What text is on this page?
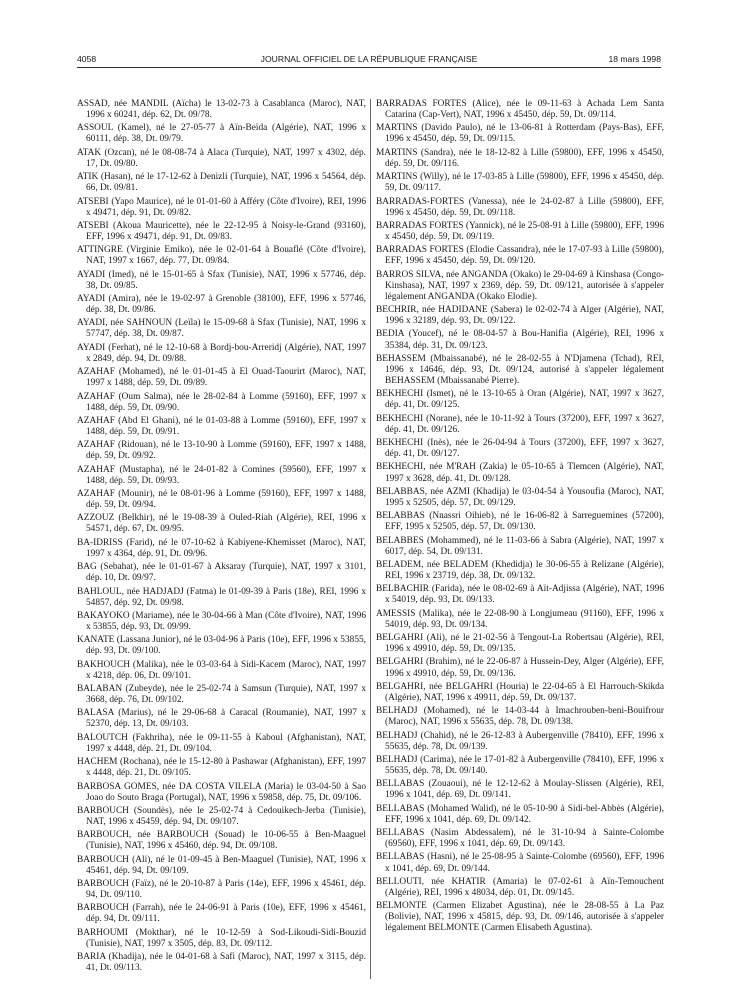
4058	JOURNAL OFFICIEL DE LA RÉPUBLIQUE FRANÇAISE	18 mars 1998

ASSAD, née MANDIL (Aïcha) le 13-02-73 à Casablanca (Maroc), NAT, 1996 x 60241, dép. 62, Dt. 09/78.

ASSOUL (Kamel), né le 27-05-77 à Aïn-Beïda (Algérie), NAT, 1996 x 60111, dép. 38, Dt. 09/79.

ATAK (Ozcan), né le 08-08-74 à Alaca (Turquie), NAT, 1997 x 4302, dép. 17, Dt. 09/80.

ATIK (Hasan), né le 17-12-62 à Denizli (Turquie), NAT, 1996 x 54564, dép. 66, Dt. 09/81.

ATSEBI (Yapo Maurice), né le 01-01-60 à Afféry (Côte d'Ivoire), REI, 1996 x 49471, dép. 91, Dt. 09/82.

ATSEBI (Akoua Mauricette), née le 22-12-95 à Noisy-le-Grand (93160), EFF, 1996 x 49471, dép. 91, Dt. 09/83.

ATTINGRE (Virginie Emiko), née le 02-01-64 à Bouaflé (Côte d'Ivoire), NAT, 1997 x 1667, dép. 77, Dt. 09/84.

AYADI (Imed), né le 15-01-65 à Sfax (Tunisie), NAT, 1996 x 57746, dép. 38, Dt. 09/85.

AYADI (Amira), née le 19-02-97 à Grenoble (38100), EFF, 1996 x 57746, dép. 38, Dt. 09/86.

AYADI, née SAHNOUN (Leïla) le 15-09-68 à Sfax (Tunisie), NAT, 1996 x 57747, dép. 38, Dt. 09/87.

AYADI (Ferhat), né le 12-10-68 à Bordj-bou-Arreridj (Algérie), NAT, 1997 x 2849, dép. 94, Dt. 09/88.

AZAHAF (Mohamed), né le 01-01-45 à El Ouad-Taourirt (Maroc), NAT, 1997 x 1488, dép. 59, Dt. 09/89.

AZAHAF (Oum Salma), née le 28-02-84 à Lomme (59160), EFF, 1997 x 1488, dép. 59, Dt. 09/90.

AZAHAF (Abd El Ghani), né le 01-03-88 à Lomme (59160), EFF, 1997 x 1488, dép. 59, Dt. 09/91.

AZAHAF (Ridouan), né le 13-10-90 à Lomme (59160), EFF, 1997 x 1488, dép. 59, Dt. 09/92.

AZAHAF (Mustapha), né le 24-01-82 à Comines (59560), EFF, 1997 x 1488, dép. 59, Dt. 09/93.

AZAHAF (Mounir), né le 08-01-96 à Lomme (59160), EFF, 1997 x 1488, dép. 59, Dt. 09/94.

AZZOUZ (Belkhir), né le 19-08-39 à Ouled-Riah (Algérie), REI, 1996 x 54571, dép. 67, Dt. 09/95.

BA-IDRISS (Farid), né le 07-10-62 à Kabiyene-Khemisset (Maroc), NAT, 1997 x 4364, dép. 91, Dt. 09/96.

BAG (Sebahat), née le 01-01-67 à Aksaray (Turquie), NAT, 1997 x 3101, dép. 10, Dt. 09/97.

BAHLOUL, née HADJADJ (Fatma) le 01-09-39 à Paris (18e), REI, 1996 x 54857, dép. 92, Dt. 09/98.

BAKAYOKO (Mariame), née le 30-04-66 à Man (Côte d'Ivoire), NAT, 1996 x 53855, dép. 93, Dt. 09/99.

KANATE (Lassana Junior), né le 03-04-96 à Paris (10e), EFF, 1996 x 53855, dép. 93, Dt. 09/100.

BAKHOUCH (Malika), née le 03-03-64 à Sidi-Kacem (Maroc), NAT, 1997 x 4218, dép. 06, Dt. 09/101.

BALABAN (Zubeyde), née le 25-02-74 à Samsun (Turquie), NAT, 1997 x 3668, dép. 76, Dt. 09/102.

BALASA (Marius), né le 29-06-68 à Caracal (Roumanie), NAT, 1997 x 52370, dép. 13, Dt. 09/103.

BALOUTCH (Fakhriha), née le 09-11-55 à Kaboul (Afghanistan), NAT, 1997 x 4448, dép. 21, Dt. 09/104.

HACHEM (Rochana), née le 15-12-80 à Pashawar (Afghanistan), EFF, 1997 x 4448, dép. 21, Dt. 09/105.

BARBOSA GOMES, née DA COSTA VILELA (Maria) le 03-04-50 à Sao Joao do Souto Braga (Portugal), NAT, 1996 x 59858, dép. 75, Dt. 09/106.

BARBOUCH (Soundès), née le 25-02-74 à Cedouikech-Jerba (Tunisie), NAT, 1996 x 45459, dép. 94, Dt. 09/107.

BARBOUCH, née BARBOUCH (Souad) le 10-06-55 à Ben-Maaguel (Tunisie), NAT, 1996 x 45460, dép. 94, Dt. 09/108.

BARBOUCH (Ali), né le 01-09-45 à Ben-Maaguel (Tunisie), NAT, 1996 x 45461, dép. 94, Dt. 09/109.

BARBOUCH (Faïz), né le 20-10-87 à Paris (14e), EFF, 1996 x 45461, dép. 94, Dt. 09/110.

BARBOUCH (Farrah), née le 24-06-91 à Paris (10e), EFF, 1996 x 45461, dép. 94, Dt. 09/111.

BARHOUMI (Mokthar), né le 10-12-59 à Sod-Likoudi-Sidi-Bouzid (Tunisie), NAT, 1997 x 3505, dép. 83, Dt. 09/112.

BARIA (Khadija), née le 04-01-68 à Safi (Maroc), NAT, 1997 x 3115, dép. 41, Dt. 09/113.

BARRADAS FORTES (Alice), née le 09-11-63 à Achada Lem Santa Catarina (Cap-Vert), NAT, 1996 x 45450, dép. 59, Dt. 09/114.

MARTINS (Davido Paulo), né le 13-06-81 à Rotterdam (Pays-Bas), EFF, 1996 x 45450, dép. 59, Dt. 09/115.

MARTINS (Sandra), née le 18-12-82 à Lille (59800), EFF, 1996 x 45450, dép. 59, Dt. 09/116.

MARTINS (Willy), né le 17-03-85 à Lille (59800), EFF, 1996 x 45450, dép. 59, Dt. 09/117.

BARRADAS-FORTES (Vanessa), née le 24-02-87 à Lille (59800), EFF, 1996 x 45450, dép. 59, Dt. 09/118.

BARRADAS FORTES (Yannick), né le 25-08-91 à Lille (59800), EFF, 1996 x 45450, dép. 59, Dt. 09/119.

BARRADAS FORTES (Elodie Cassandra), née le 17-07-93 à Lille (59800), EFF, 1996 x 45450, dép. 59, Dt. 09/120.

BARROS SILVA, née ANGANDA (Okako) le 29-04-69 à Kinshasa (Congo-Kinshasa), NAT, 1997 x 2369, dép. 59, Dt. 09/121, autorisée à s'appeler légalement ANGANDA (Okako Elodie).

BECHRIR, née HADIDANE (Sabera) le 02-02-74 à Alger (Algérie), NAT, 1996 x 32189, dép. 93, Dt. 09/122.

BEDIA (Youcef), né le 08-04-57 à Bou-Hanifia (Algérie), REI, 1996 x 35384, dép. 31, Dt. 09/123.

BEHASSEM (Mbaissanabé), né le 28-02-55 à N'Djamena (Tchad), REI, 1996 x 14646, dép. 93, Dt. 09/124, autorisé à s'appeler légalement BEHASSEM (Mbaissanabé Pierre).

BEKHECHI (Ismet), né le 13-10-65 à Oran (Algérie), NAT, 1997 x 3627, dép. 41, Dt. 09/125.

BEKHECHI (Norane), née le 10-11-92 à Tours (37200), EFF, 1997 x 3627, dép. 41, Dt. 09/126.

BEKHECHI (Inès), née le 26-04-94 à Tours (37200), EFF, 1997 x 3627, dép. 41, Dt. 09/127.

BEKHECHI, née M'RAH (Zakia) le 05-10-65 à Tlemcen (Algérie), NAT, 1997 x 3628, dép. 41, Dt. 09/128.

BELABBAS, née AZMI (Khadija) le 03-04-54 à Yousoufia (Maroc), NAT, 1995 x 52505, dép. 57, Dt. 09/129.

BELABBAS (Nnassri Oihieb), né le 16-06-82 à Sarreguemines (57200), EFF, 1995 x 52505, dép. 57, Dt. 09/130.

BELABBES (Mohammed), né le 11-03-66 à Sabra (Algérie), NAT, 1997 x 6017, dép. 54, Dt. 09/131.

BELADEM, née BELADEM (Khedidja) le 30-06-55 à Relizane (Algérie), REI, 1996 x 23719, dép. 38, Dt. 09/132.

BELBACHIR (Farida), née le 08-02-69 à Aït-Adjissa (Algérie), NAT, 1996 x 54019, dép. 93, Dt. 09/133.

AMESSIS (Malika), née le 22-08-90 à Longjumeau (91160), EFF, 1996 x 54019, dép. 93, Dt. 09/134.

BELGAHRI (Ali), né le 21-02-56 à Tengout-La Robertsau (Algérie), REI, 1996 x 49910, dép. 59, Dt. 09/135.

BELGAHRI (Brahim), né le 22-06-87 à Hussein-Dey, Alger (Algérie), EFF, 1996 x 49910, dép. 59, Dt. 09/136.

BELGAHRI, née BELGAHRI (Houria) le 22-04-65 à El Harrouch-Skikda (Algérie), NAT, 1996 x 49911, dép. 59, Dt. 09/137.

BELHADJ (Mohamed), né le 14-03-44 à Imachrouben-beni-Bouifrour (Maroc), NAT, 1996 x 55635, dép. 78, Dt. 09/138.

BELHADJ (Chahid), né le 26-12-83 à Aubergenville (78410), EFF, 1996 x 55635, dép. 78, Dt. 09/139.

BELHADJ (Carima), née le 17-01-82 à Aubergenville (78410), EFF, 1996 x 55635, dép. 78, Dt. 09/140.

BELLABAS (Zouaoui), né le 12-12-62 à Moulay-Slissen (Algérie), REI, 1996 x 1041, dép. 69, Dt. 09/141.

BELLABAS (Mohamed Walid), né le 05-10-90 à Sidi-bel-Abbès (Algérie), EFF, 1996 x 1041, dép. 69, Dt. 09/142.

BELLABAS (Nasim Abdessalem), né le 31-10-94 à Sainte-Colombe (69560), EFF, 1996 x 1041, dép. 69, Dt. 09/143.

BELLABAS (Hasni), né le 25-08-95 à Sainte-Colombe (69560), EFF, 1996 x 1041, dép. 69, Dt. 09/144.

BELLOUTI, née KHATIR (Amaria) le 07-02-61 à Aïn-Temouchent (Algérie), REI, 1996 x 48034, dép. 01, Dt. 09/145.

BELMONTE (Carmen Elizabet Agustina), née le 28-08-55 à La Paz (Bolivie), NAT, 1996 x 45815, dép. 93, Dt. 09/146, autorisée à s'appeler légalement BELMONTE (Carmen Elisabeth Agustina).
